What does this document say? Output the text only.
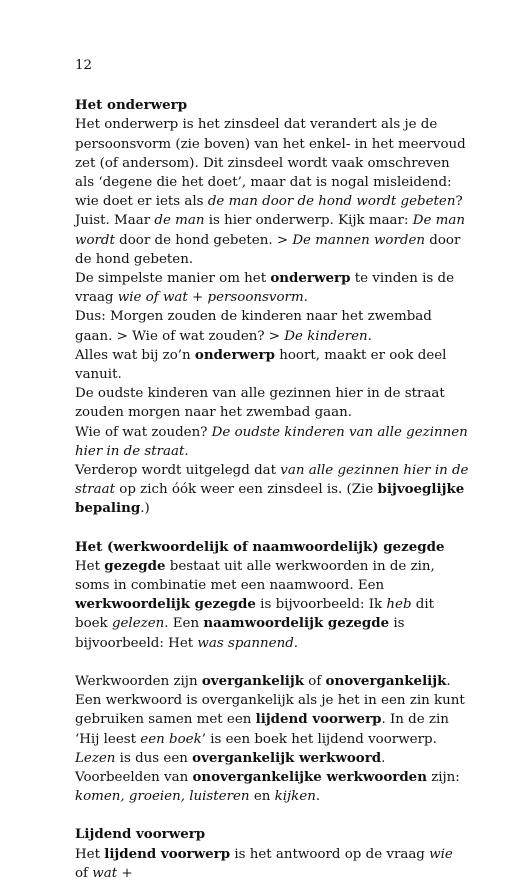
12
Het onderwerp

Het onderwerp is het zinsdeel dat verandert als je de persoonsvorm (zie boven) van het enkel- in het meervoud zet (of andersom). Dit zinsdeel wordt vaak omschreven als ‘degene die het doet’, maar dat is nogal misleidend: wie doet er iets als de man door de hond wordt gebeten? Juist. Maar de man is hier onderwerp. Kijk maar: De man wordt door de hond gebeten. > De mannen worden door de hond gebeten.

De simpelste manier om het onderwerp te vinden is de vraag wie of wat + persoonsvorm.

Dus: Morgen zouden de kinderen naar het zwembad gaan. > Wie of wat zouden? > De kinderen.

Alles wat bij zo’n onderwerp hoort, maakt er ook deel vanuit.

De oudste kinderen van alle gezinnen hier in de straat zouden morgen naar het zwembad gaan.

Wie of wat zouden? De oudste kinderen van alle gezinnen hier in de straat.

Verderop wordt uitgelegd dat van alle gezinnen hier in de straat op zich óók weer een zinsdeel is. (Zie bijvoeglijke bepaling.)

Het (werkwoordelijk of naamwoordelijk) gezegde

Het gezegde bestaat uit alle werkwoorden in de zin, soms in combinatie met een naamwoord. Een werkwoordelijk gezegde is bijvoorbeeld: Ik heb dit boek gelezen. Een naamwoordelijk gezegde is bijvoorbeeld: Het was spannend.

Werkwoorden zijn overgankelijk of onovergankelijk. Een werkwoord is overgankelijk als je het in een zin kunt gebruiken samen met een lijdend voorwerp. In de zin ‘Hij leest een boek’ is een boek het lijdend voorwerp.

Lezen is dus een overgankelijk werkwoord. Voorbeelden van onovergankelijke werkwoorden zijn: komen, groeien, luisteren en kijken.

Lijdend voorwerp

Het lijdend voorwerp is het antwoord op de vraag wie of wat +
